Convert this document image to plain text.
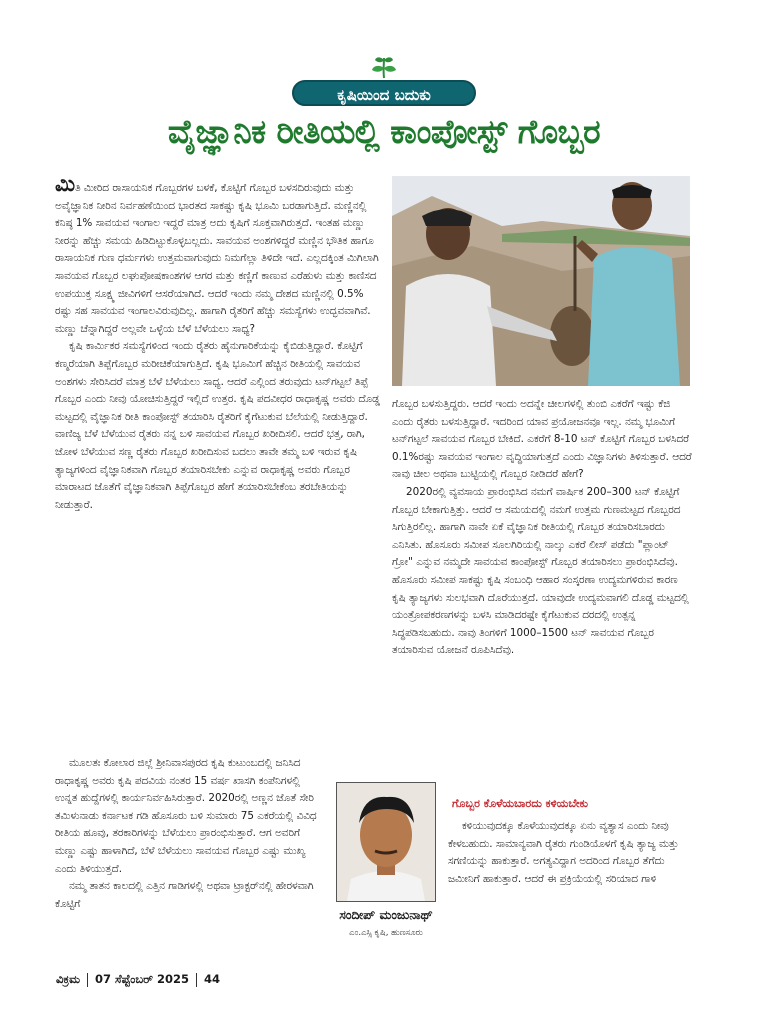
ಕೃಷಿಯಿಂದ ಬದುಕು
ವೈಜ್ಞಾನಿಕ ರೀತಿಯಲ್ಲಿ ಕಾಂಪೋಸ್ಟ್ ಗೊಬ್ಬರ

ಮಿತಿ ಮೀರಿದ ರಾಸಾಯನಿಕ ಗೊಬ್ಬರಗಳ ಬಳಕೆ, ಕೊಟ್ಟಿಗೆ ಗೊಬ್ಬರ ಬಳಸದಿರುವುದು ಮತ್ತು ಅವೈಜ್ಞಾನಿಕ ನೀರಿನ ನಿರ್ವಹಣೆಯಿಂದ ಭಾರತದ ಸಾಕಷ್ಟು ಕೃಷಿ ಭೂಮಿ ಬರಡಾಗುತ್ತಿದೆ. ಮಣ್ಣಿನಲ್ಲಿ ಕನಿಷ್ಠ 1% ಸಾವಯವ ಇಂಗಾಲ ಇದ್ದರೆ ಮಾತ್ರ ಅದು ಕೃಷಿಗೆ ಸೂಕ್ತವಾಗಿರುತ್ತದೆ. ಇಂತಹ ಮಣ್ಣು ನೀರನ್ನು ಹೆಚ್ಚು ಸಮಯ ಹಿಡಿದಿಟ್ಟುಕೊಳ್ಳಬಲ್ಲದು. ಸಾವಯವ ಅಂಶಗಳಿದ್ದರೆ ಮಣ್ಣಿನ ಭೌತಿಕ ಹಾಗೂ ರಾಸಾಯನಿಕ ಗುಣ ಧರ್ಮಗಳು ಉತ್ತಮವಾಗುವುದು ನಿಮಗೆಲ್ಲಾ ತಿಳಿದೇ ಇದೆ. ಎಲ್ಲದಕ್ಕಿಂತ ಮಿಗಿಲಾಗಿ ಸಾವಯವ ಗೊಬ್ಬರ ಲಘುಪೋಷಕಾಂಶಗಳ ಆಗರ ಮತ್ತು ಕಣ್ಣಿಗೆ ಕಾಣುವ ಎರೆಹುಳು ಮತ್ತು ಕಾಣಿಸದ ಉಪಯುಕ್ತ ಸೂಕ್ಷ್ಮ ಜೀವಿಗಳಿಗೆ ಆಸರೆಯಾಗಿದೆ. ಆದರೆ ಇಂದು ನಮ್ಮ ದೇಶದ ಮಣ್ಣಿನಲ್ಲಿ 0.5% ರಷ್ಟು ಸಹ ಸಾವಯವ ಇಂಗಾಲವಿರುವುದಿಲ್ಲ. ಹಾಗಾಗಿ ರೈತರಿಗೆ ಹೆಚ್ಚು ಸಮಸ್ಯೆಗಳು ಉದ್ಭವವಾಗಿವೆ. ಮಣ್ಣು ಚೆನ್ನಾಗಿದ್ದರೆ ಅಲ್ಲವೇ ಒಳ್ಳೆಯ ಬೆಳೆ ಬೆಳೆಯಲು ಸಾಧ್ಯ?

ಕೃಷಿ ಕಾರ್ಮಿಕರ ಸಮಸ್ಯೆಗಳಿಂದ ಇಂದು ರೈತರು ಹೈನುಗಾರಿಕೆಯನ್ನು ಕೈಬಿಡುತ್ತಿದ್ದಾರೆ. ಕೊಟ್ಟಿಗೆ ಕಣ್ಮರೆಯಾಗಿ ತಿಪ್ಪೆಗೊಬ್ಬರ ಮರೀಚಿಕೆಯಾಗುತ್ತಿದೆ. ಕೃಷಿ ಭೂಮಿಗೆ ಹೆಚ್ಚಿನ ರೀತಿಯಲ್ಲಿ ಸಾವಯವ ಅಂಶಗಳು ಸೇರಿಸಿದರೆ ಮಾತ್ರ ಬೆಳೆ ಬೆಳೆಯಲು ಸಾಧ್ಯ. ಆದರೆ ಎಲ್ಲಿಂದ ತರುವುದು ಟನ್‌ಗಟ್ಟಲೆ ತಿಪ್ಪೆ ಗೊಬ್ಬರ ಎಂದು ನೀವು ಯೋಚಿಸುತ್ತಿದ್ದರೆ ಇಲ್ಲಿದೆ ಉತ್ತರ. ಕೃಷಿ ಪದವೀಧರ ರಾಧಾಕೃಷ್ಣ ಅವರು ದೊಡ್ಡ ಮಟ್ಟದಲ್ಲಿ ವೈಜ್ಞಾನಿಕ ರೀತಿ ಕಾಂಪೋಸ್ಟ್ ತಯಾರಿಸಿ ರೈತರಿಗೆ ಕೈಗೆಟುಕುವ ಬೆಲೆಯಲ್ಲಿ ನೀಡುತ್ತಿದ್ದಾರೆ. ವಾಣಿಜ್ಯ ಬೆಳೆ ಬೆಳೆಯುವ ರೈತರು ನನ್ನ ಬಳಿ ಸಾವಯವ ಗೊಬ್ಬರ ಖರೀದಿಸಲಿ. ಆದರೆ ಭತ್ತ, ರಾಗಿ, ಜೋಳ ಬೆಳೆಯುವ ಸಣ್ಣ ರೈತರು ಗೊಬ್ಬರ ಖರೀದಿಸುವ ಬದಲು ತಾವೇ ತಮ್ಮ ಬಳಿ ಇರುವ ಕೃಷಿ ತ್ಯಾಜ್ಯಗಳಿಂದ ವೈಜ್ಞಾನಿಕವಾಗಿ ಗೊಬ್ಬರ ತಯಾರಿಸಬೇಕು ಎನ್ನುವ ರಾಧಾಕೃಷ್ಣ ಅವರು ಗೊಬ್ಬರ ಮಾರಾಟದ ಜೊತೆಗೆ ವೈಜ್ಞಾನಿಕವಾಗಿ ತಿಪ್ಪೆಗೊಬ್ಬರ ಹೇಗೆ ತಯಾರಿಸಬೇಕೆಂಬ ತರಬೇತಿಯನ್ನು ನೀಡುತ್ತಾರೆ.

ಮೂಲತಃ ಕೋಲಾರ ಜಿಲ್ಲೆ ಶ್ರೀನಿವಾಸಪುರದ ಕೃಷಿ ಕುಟುಂಬದಲ್ಲಿ ಜನಿಸಿದ ರಾಧಾಕೃಷ್ಣ ಅವರು ಕೃಷಿ ಪದವಿಯ ನಂತರ 15 ವರ್ಷ ಖಾಸಗಿ ಕಂಪೆನಿಗಳಲ್ಲಿ ಉನ್ನತ ಹುದ್ದೆಗಳಲ್ಲಿ ಕಾರ್ಯನಿರ್ವಹಿಸಿರುತ್ತಾರೆ. 2020ರಲ್ಲಿ ಅಣ್ಣನ ಜೊತೆ ಸೇರಿ ತಮಿಳುನಾಡು ಕರ್ನಾಟಕ ಗಡಿ ಹೊಸೂರು ಬಳಿ ಸುಮಾರು 75 ಎಕರೆಯಲ್ಲಿ ವಿವಿಧ ರೀತಿಯ ಹೂವು, ತರಕಾರಿಗಳನ್ನು ಬೆಳೆಯಲು ಪ್ರಾರಂಭಿಸುತ್ತಾರೆ. ಆಗ ಅವರಿಗೆ ಮಣ್ಣು ಎಷ್ಟು ಹಾಳಾಗಿದೆ, ಬೆಳೆ ಬೆಳೆಯಲು ಸಾವಯವ ಗೊಬ್ಬರ ಎಷ್ಟು ಮುಖ್ಯ ಎಂದು ತಿಳಿಯುತ್ತದೆ.

ನಮ್ಮ ತಾತನ ಕಾಲದಲ್ಲಿ ಎತ್ತಿನ ಗಾಡಿಗಳಲ್ಲಿ ಅಥವಾ ಟ್ರಾಕ್ಟರ್‌ನಲ್ಲಿ ಹೇರಳವಾಗಿ ಕೊಟ್ಟಿಗೆ

ಗೊಬ್ಬರ ಬಳಸುತ್ತಿದ್ದರು. ಆದರೆ ಇಂದು ಅದನ್ನೇ ಚೀಲಗಳಲ್ಲಿ ತುಂಬಿ ಎಕರೆಗೆ ಇಷ್ಟು ಕೆಜಿ ಎಂದು ರೈತರು ಬಳಸುತ್ತಿದ್ದಾರೆ. ಇದರಿಂದ ಯಾವ ಪ್ರಯೋಜನವೂ ಇಲ್ಲ. ನಮ್ಮ ಭೂಮಿಗೆ ಟನ್‌ಗಟ್ಟಲೆ ಸಾವಯವ ಗೊಬ್ಬರ ಬೇಕಿದೆ. ಎಕರೆಗೆ 8-10 ಟನ್ ಕೊಟ್ಟಿಗೆ ಗೊಬ್ಬರ ಬಳಸಿದರೆ 0.1%ರಷ್ಟು ಸಾವಯವ ಇಂಗಾಲ ವೃದ್ಧಿಯಾಗುತ್ತದೆ ಎಂದು ವಿಜ್ಞಾನಿಗಳು ತಿಳಿಸುತ್ತಾರೆ. ಆದರೆ ನಾವು ಚೀಲ ಅಥವಾ ಬುಟ್ಟಿಯಲ್ಲಿ ಗೊಬ್ಬರ ನೀಡಿದರೆ ಹೇಗೆ?

2020ರಲ್ಲಿ ವ್ಯವಸಾಯ ಪ್ರಾರಂಭಿಸಿದ ನಮಗೆ ವಾರ್ಷಿಕ 200–300 ಟನ್ ಕೊಟ್ಟಿಗೆ ಗೊಬ್ಬರ ಬೇಕಾಗುತ್ತಿತ್ತು. ಆದರೆ ಆ ಸಮಯದಲ್ಲಿ ನಮಗೆ ಉತ್ತಮ ಗುಣಮಟ್ಟದ ಗೊಬ್ಬರದ ಸಿಗುತ್ತಿರಲಿಲ್ಲ. ಹಾಗಾಗಿ ನಾವೇ ಏಕೆ ವೈಜ್ಞಾನಿಕ ರೀತಿಯಲ್ಲಿ ಗೊಬ್ಬರ ತಯಾರಿಸಬಾರದು ಎನಿಸಿತು. ಹೊಸೂರು ಸಮೀಪ ಸೂಲಗಿರಿಯಲ್ಲಿ ನಾಲ್ಕು ಎಕರೆ ಲೀಸ್ ಪಡೆದು "ಪ್ಲಾಂಟ್ ಗ್ರೋ" ಎನ್ನುವ ನಮ್ಮದೇ ಸಾವಯವ ಕಾಂಪೋಸ್ಟ್ ಗೊಬ್ಬರ ತಯಾರಿಸಲು ಪ್ರಾರಂಭಿಸಿದೆವು. ಹೊಸೂರು ಸಮೀಪ ಸಾಕಷ್ಟು ಕೃಷಿ ಸಂಬಂಧಿ ಆಹಾರ ಸಂಸ್ಕರಣಾ ಉದ್ಯಮಗಳಿರುವ ಕಾರಣ ಕೃಷಿ ತ್ಯಾಜ್ಯಗಳು ಸುಲಭವಾಗಿ ದೊರೆಯುತ್ತದೆ. ಯಾವುದೇ ಉದ್ಯಮವಾಗಲಿ ದೊಡ್ಡ ಮಟ್ಟದಲ್ಲಿ ಯಂತ್ರೋಪಕರಣಗಳನ್ನು ಬಳಸಿ ಮಾಡಿದರಷ್ಟೇ ಕೈಗೆಟುಕುವ ದರದಲ್ಲಿ ಉತ್ಪನ್ನ ಸಿದ್ಧಪಡಿಸಬಹುದು. ನಾವು ತಿಂಗಳಿಗೆ 1000–1500 ಟನ್ ಸಾವಯವ ಗೊಬ್ಬರ ತಯಾರಿಸುವ ಯೋಜನೆ ರೂಪಿಸಿದೆವು.

ಗೊಬ್ಬರ ಕೊಳೆಯಬಾರದು ಕಳಿಯಬೇಕು

ಕಳಿಯುವುದಕ್ಕೂ ಕೊಳೆಯುವುದಕ್ಕೂ ಏನು ವ್ಯತ್ಯಾಸ ಎಂದು ನೀವು ಕೇಳಬಹುದು. ಸಾಮಾನ್ಯವಾಗಿ ರೈತರು ಗುಂಡಿಯೊಳಗೆ ಕೃಷಿ ತ್ಯಾಜ್ಯ ಮತ್ತು ಸಗಣಿಯನ್ನು ಹಾಕುತ್ತಾರೆ. ಅಗತ್ಯವಿದ್ದಾಗ ಅದರಿಂದ ಗೊಬ್ಬರ ತೆಗೆದು ಜಮೀನಿಗೆ ಹಾಕುತ್ತಾರೆ. ಆದರೆ ಈ ಪ್ರಕ್ರಿಯೆಯಲ್ಲಿ ಸರಿಯಾದ ಗಾಳಿ

ಸಂದೀಪ್ ಮಂಜುನಾಥ್
ಎಂ.ಎಸ್ಸಿ ಕೃಷಿ, ಹುಣಸೂರು
ವಿಕ್ರಮ 07 ಸೆಪ್ಟೆಂಬರ್ 2025 44
